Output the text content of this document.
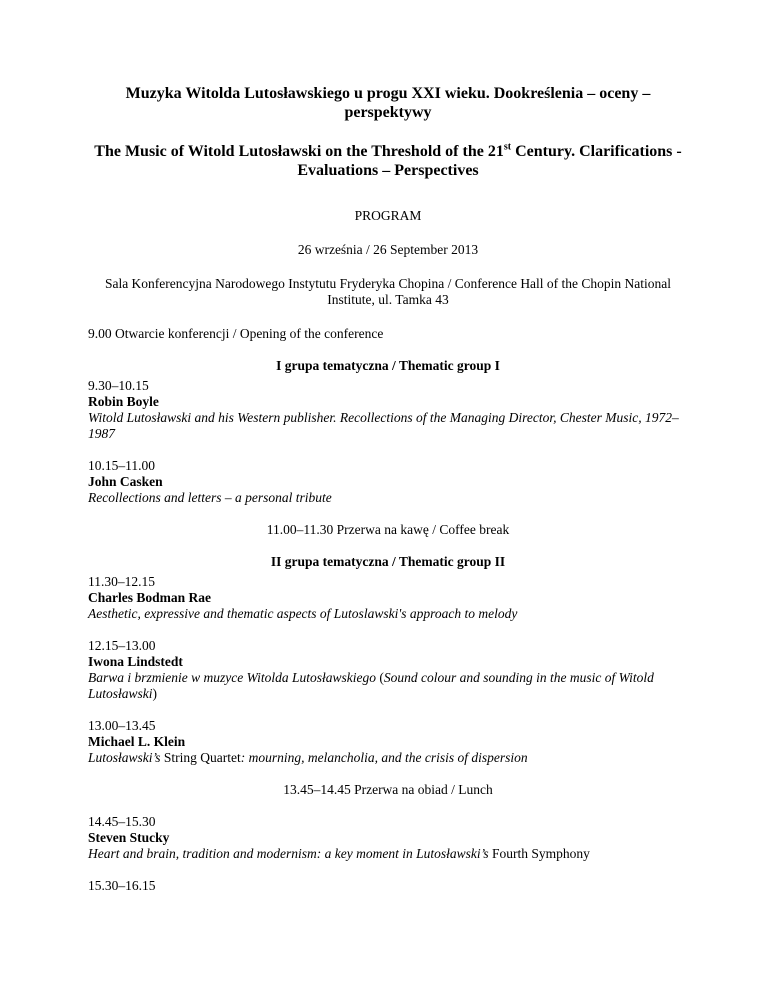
Muzyka Witolda Lutosławskiego u progu XXI wieku. Dookreślenia – oceny – perspektywy

The Music of Witold Lutosławski on the Threshold of the 21st Century. Clarifications - Evaluations – Perspectives

PROGRAM

26 września / 26 September 2013

Sala Konferencyjna Narodowego Instytutu Fryderyka Chopina / Conference Hall of the Chopin National Institute, ul. Tamka 43

9.00 Otwarcie konferencji / Opening of the conference

I grupa tematyczna / Thematic group I

9.30–10.15
Robin Boyle
Witold Lutosławski and his Western publisher. Recollections of the Managing Director, Chester Music, 1972–1987
10.15–11.00
John Casken
Recollections and letters – a personal tribute

11.00–11.30 Przerwa na kawę / Coffee break

II grupa tematyczna / Thematic group II

11.30–12.15
Charles Bodman Rae
Aesthetic, expressive and thematic aspects of Lutoslawski's approach to melody
12.15–13.00
Iwona Lindstedt
Barwa i brzmienie w muzyce Witolda Lutosławskiego (Sound colour and sounding in the music of Witold Lutosławski)
13.00–13.45
Michael L. Klein
Lutosławski’s String Quartet: mourning, melancholia, and the crisis of dispersion

13.45–14.45 Przerwa na obiad / Lunch

14.45–15.30
Steven Stucky
Heart and brain, tradition and modernism: a key moment in Lutosławski’s Fourth Symphony
15.30–16.15
